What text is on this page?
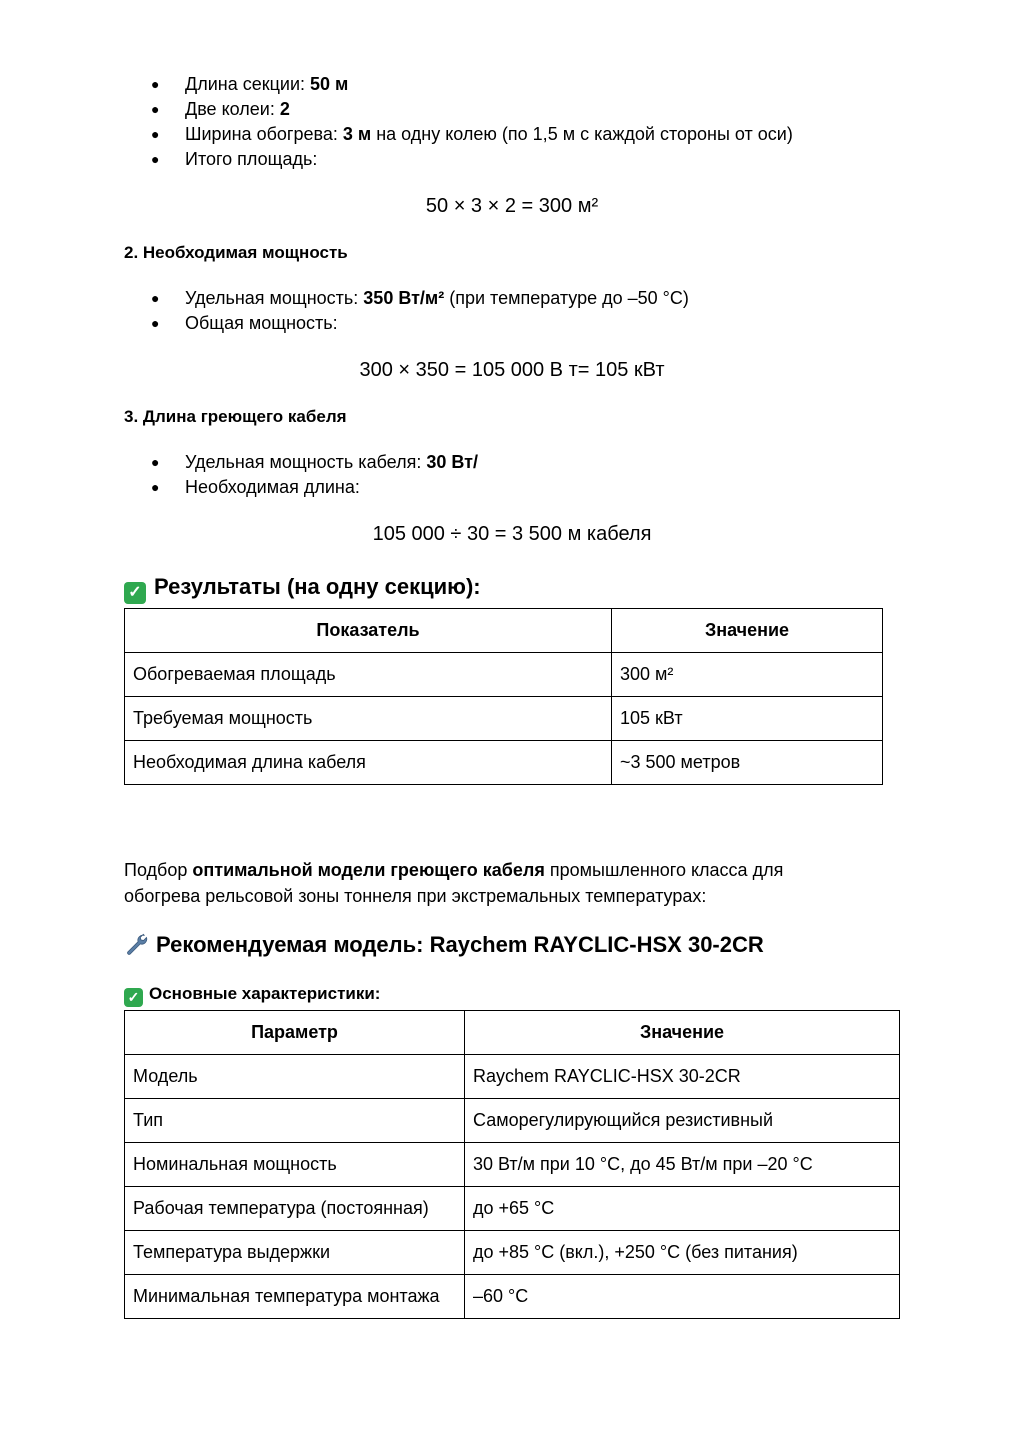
●	Длина секции: 50 м
●	Две колеи: 2
●	Ширина обогрева: 3 м на одну колею (по 1,5 м с каждой стороны от оси)
●	Итого площадь:
50 × 3 × 2 = 300 м²
2. Необходимая мощность
●	Удельная мощность: 350 Вт/м² (при температуре до –50 °C)
●	Общая мощность:
300 × 350 = 105 000 В т= 105 кВт
3. Длина греющего кабеля
●	Удельная мощность кабеля: 30 Вт/
●	Необходимая длина:
105 000 ÷ 30 = 3 500 м кабеля
✓ Результаты (на одну секцию):
Показатель	Значение
Обогреваемая площадь	300 м²
Требуемая мощность	105 кВт
Необходимая длина кабеля	~3 500 метров
Подбор оптимальной модели греющего кабеля промышленного класса для
обогрева рельсовой зоны тоннеля при экстремальных температурах:
Рекомендуемая модель: Raychem RAYCLIC-HSX 30-2CR
✓ Основные характеристики:
Параметр	Значение
Модель	Raychem RAYCLIC-HSX 30-2CR
Тип	Саморегулирующийся резистивный
Номинальная мощность	30 Вт/м при 10 °C, до 45 Вт/м при –20 °C
Рабочая температура (постоянная)	до +65 °C
Температура выдержки	до +85 °C (вкл.), +250 °C (без питания)
Минимальная температура монтажа	–60 °C
